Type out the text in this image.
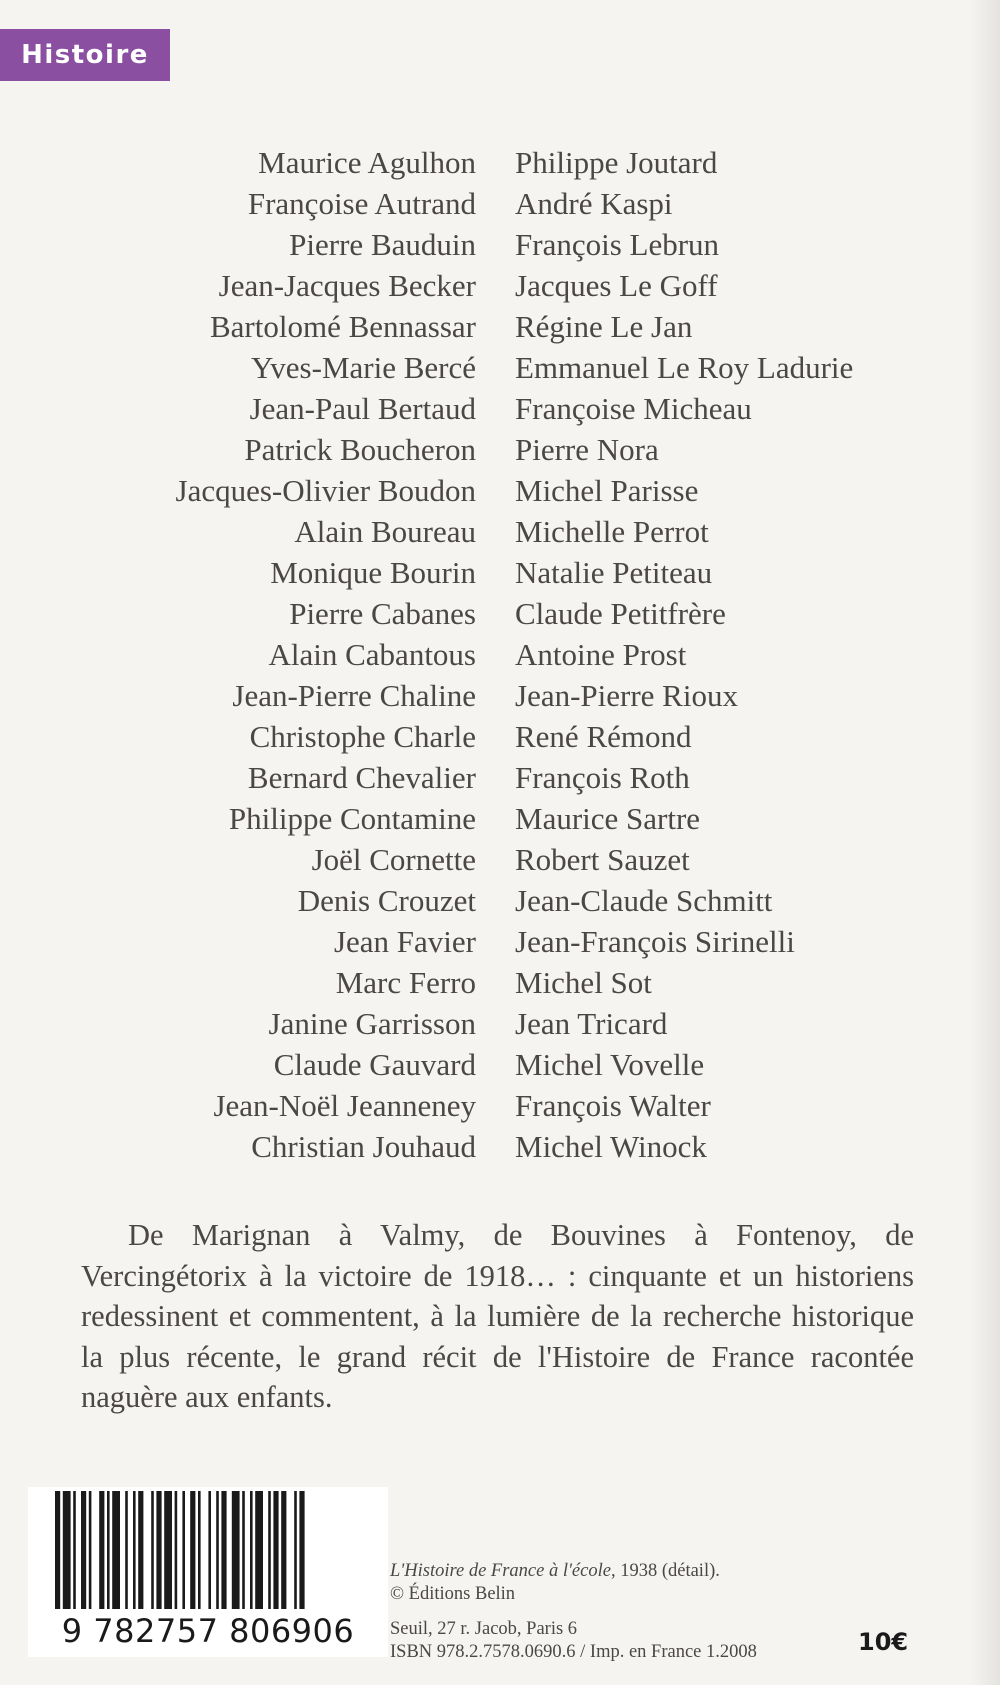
Histoire
Maurice Agulhon Philippe Joutard
Françoise Autrand André Kaspi
Pierre Bauduin François Lebrun
Jean-Jacques Becker Jacques Le Goff
Bartolomé Bennassar Régine Le Jan
Yves-Marie Bercé Emmanuel Le Roy Ladurie
Jean-Paul Bertaud Françoise Micheau
Patrick Boucheron Pierre Nora
Jacques-Olivier Boudon Michel Parisse
Alain Boureau Michelle Perrot
Monique Bourin Natalie Petiteau
Pierre Cabanes Claude Petitfrère
Alain Cabantous Antoine Prost
Jean-Pierre Chaline Jean-Pierre Rioux
Christophe Charle René Rémond
Bernard Chevalier François Roth
Philippe Contamine Maurice Sartre
Joël Cornette Robert Sauzet
Denis Crouzet Jean-Claude Schmitt
Jean Favier Jean-François Sirinelli
Marc Ferro Michel Sot
Janine Garrisson Jean Tricard
Claude Gauvard Michel Vovelle
Jean-Noël Jeanneney François Walter
Christian Jouhaud Michel Winock

De Marignan à Valmy, de Bouvines à Fontenoy, de Vercingétorix à la victoire de 1918… : cinquante et un historiens redessinent et commentent, à la lumière de la recherche historique la plus récente, le grand récit de l'Histoire de France racontée naguère aux enfants.

9 782757 806906
L'Histoire de France à l'école, 1938 (détail).
© Éditions Belin
Seuil, 27 r. Jacob, Paris 6
ISBN 978.2.7578.0690.6 / Imp. en France 1.2008	10€
